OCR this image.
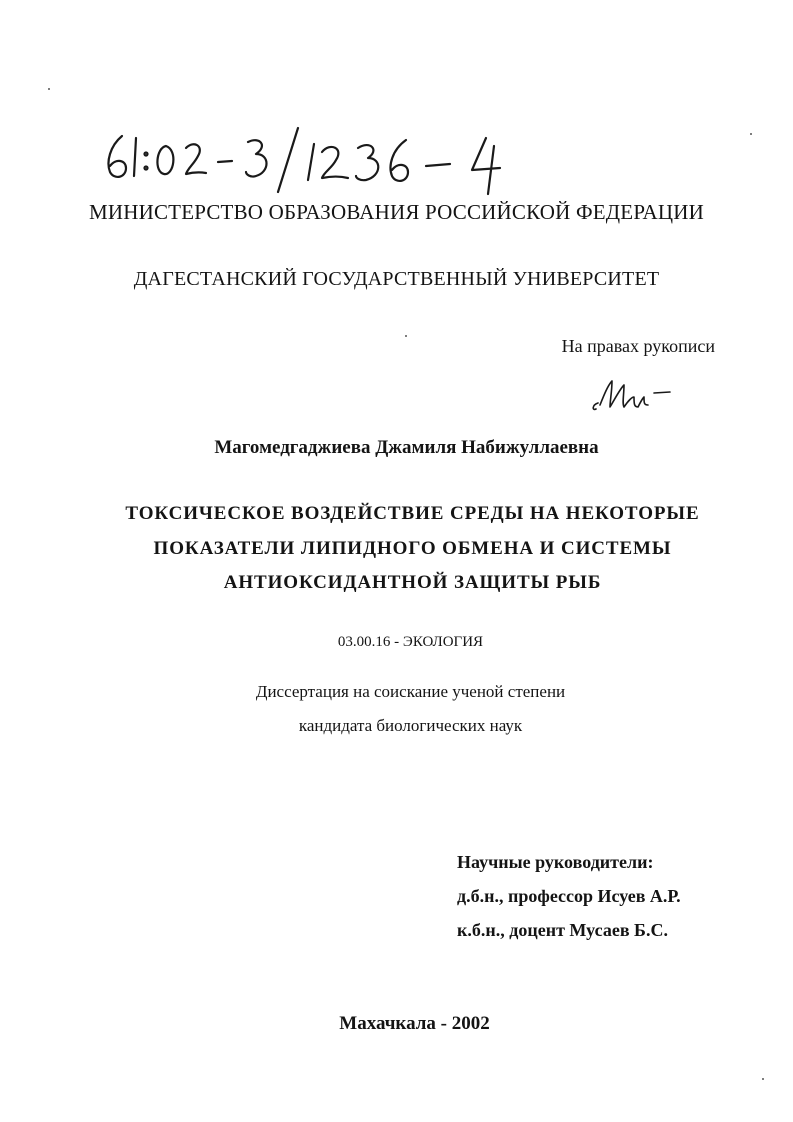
МИНИСТЕРСТВО ОБРАЗОВАНИЯ РОССИЙСКОЙ ФЕДЕРАЦИИ
ДАГЕСТАНСКИЙ ГОСУДАРСТВЕННЫЙ УНИВЕРСИТЕТ
На правах рукописи
Магомедгаджиева Джамиля Набижуллаевна
ТОКСИЧЕСКОЕ ВОЗДЕЙСТВИЕ СРЕДЫ НА НЕКОТОРЫЕ
ПОКАЗАТЕЛИ ЛИПИДНОГО ОБМЕНА И СИСТЕМЫ
АНТИОКСИДАНТНОЙ ЗАЩИТЫ РЫБ
03.00.16 - ЭКОЛОГИЯ
Диссертация на соискание ученой степени
кандидата биологических наук
Научные руководители:
д.б.н., профессор Исуев А.Р.
к.б.н., доцент Мусаев Б.С.
Махачкала - 2002
